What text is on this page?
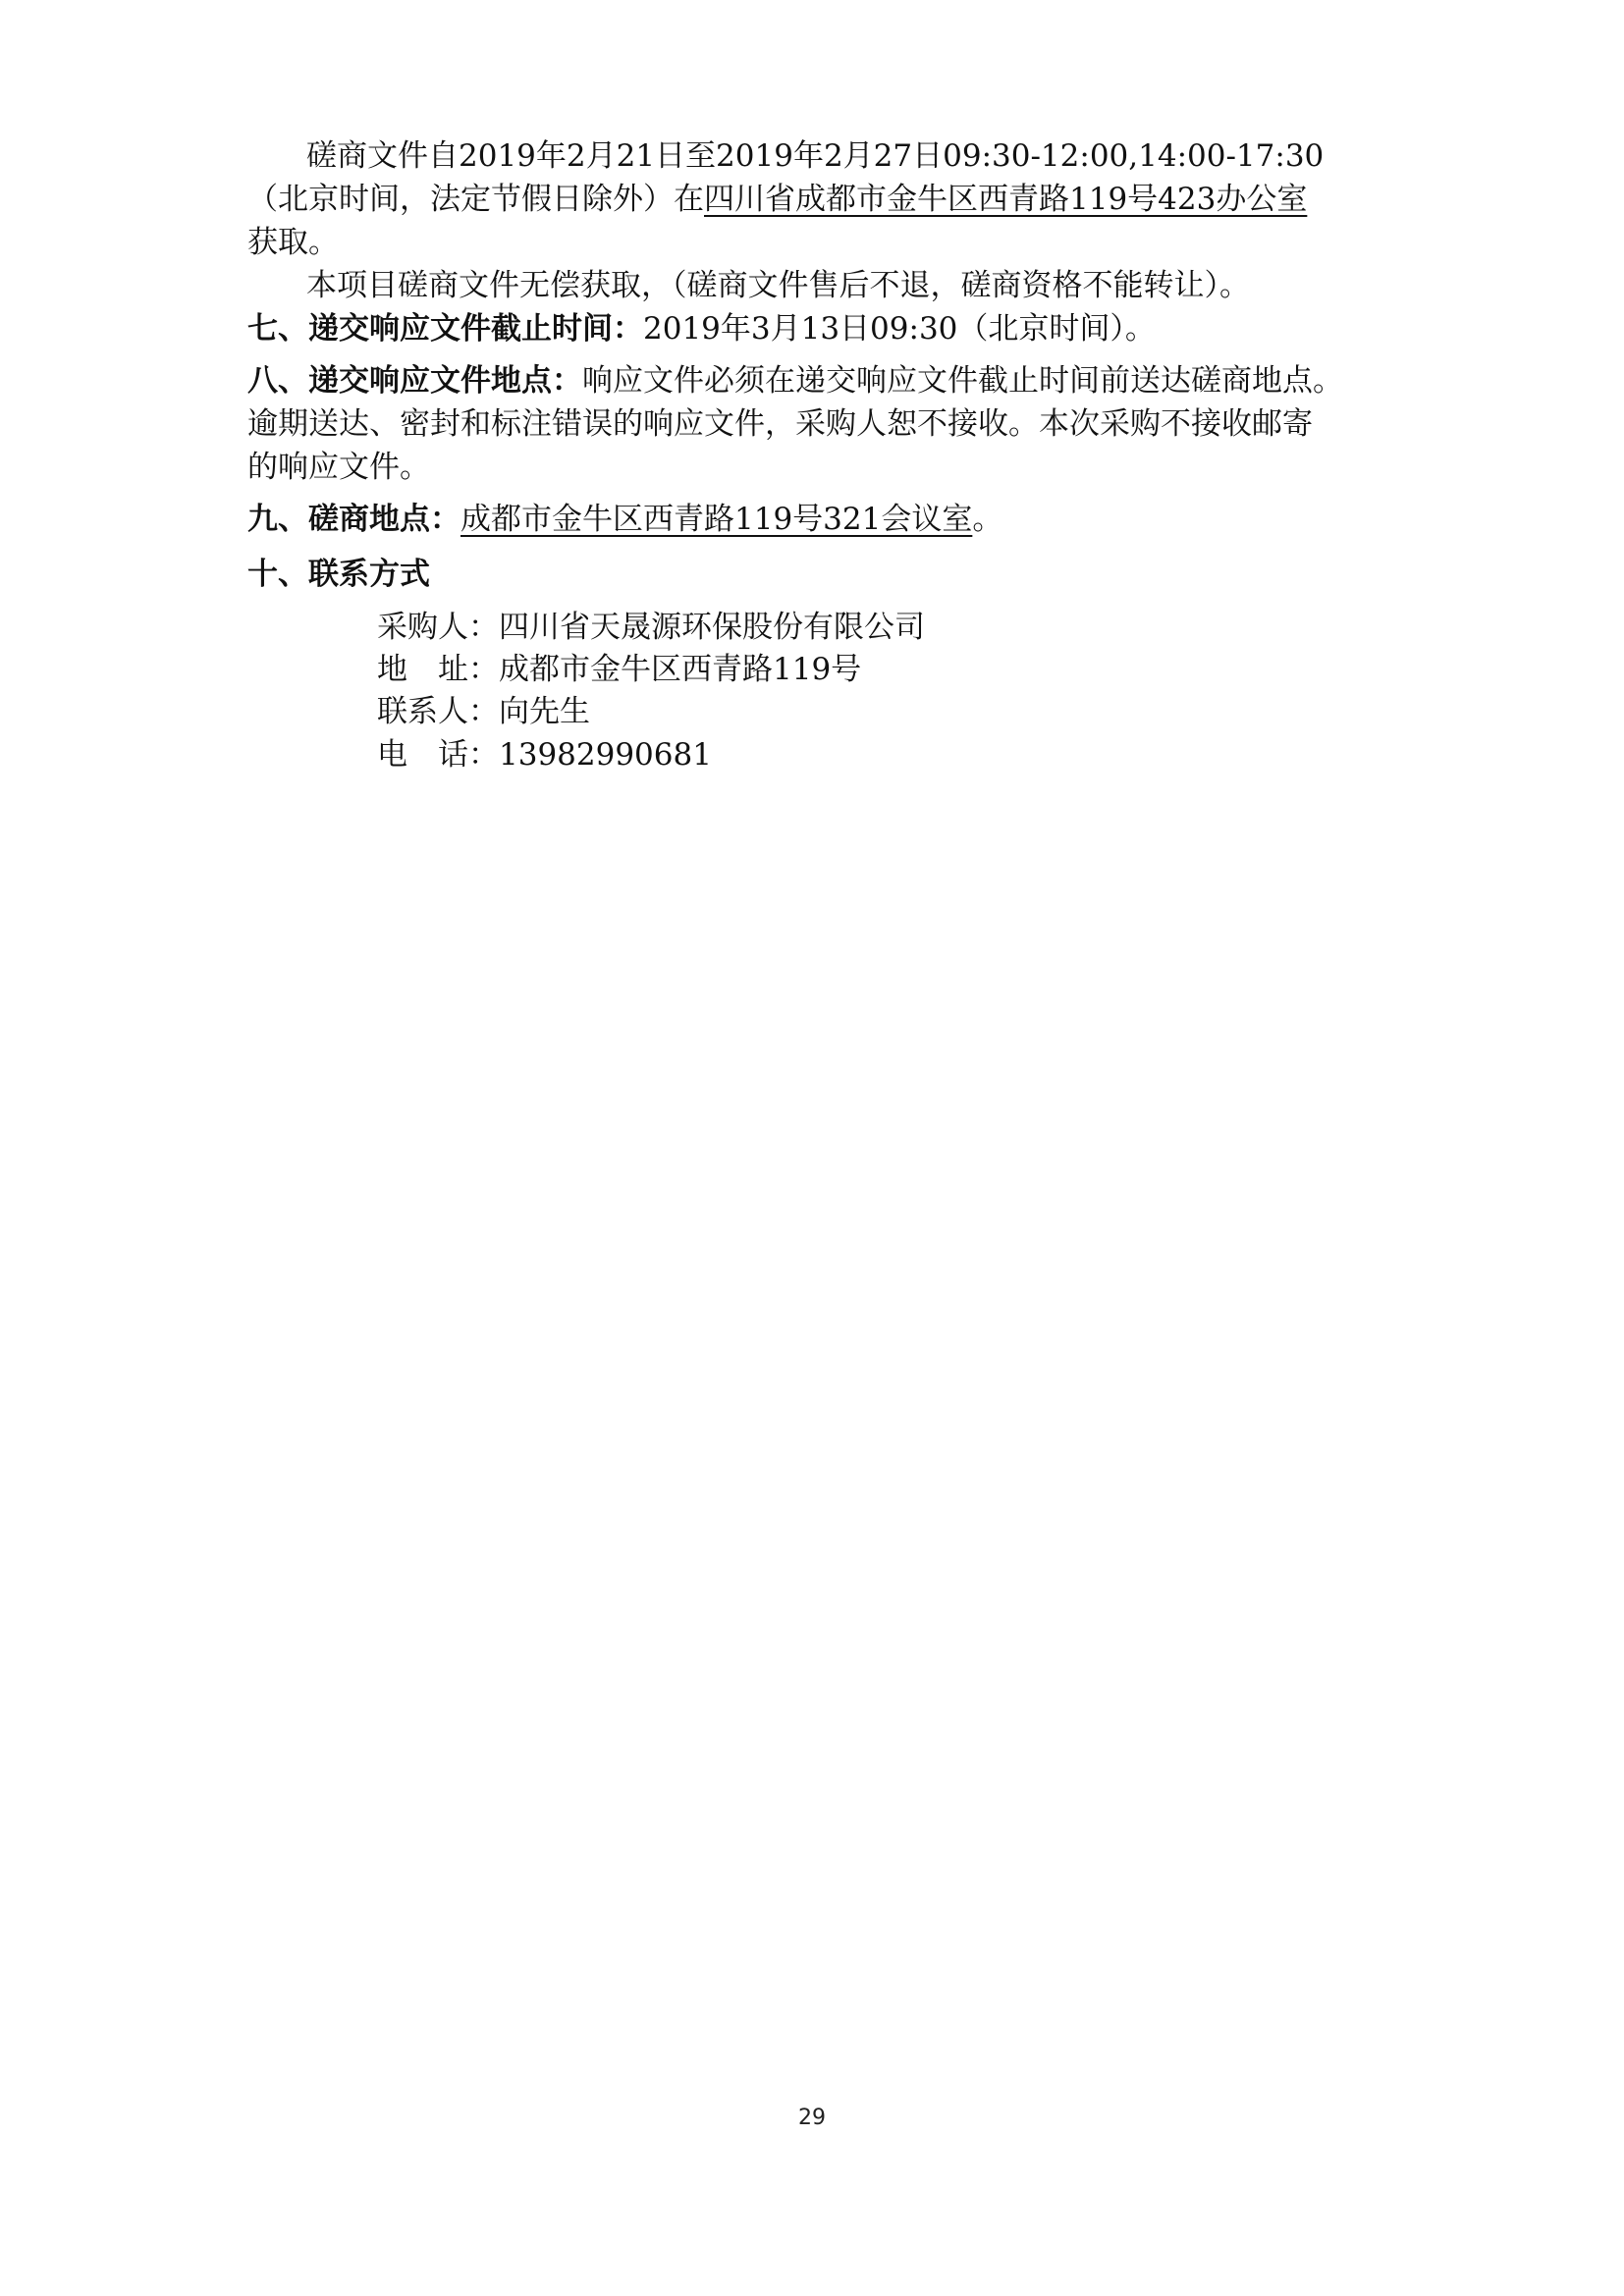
磋商文件自2019年2月21日至2019年2月27日09:30-12:00,14:00-17:30
（北京时间，法定节假日除外）在四川省成都市金牛区西青路119号423办公室
获取。
本项目磋商文件无偿获取，（磋商文件售后不退，磋商资格不能转让）。
七、递交响应文件截止时间：2019年3月13日09:30（北京时间）。
八、递交响应文件地点：响应文件必须在递交响应文件截止时间前送达磋商地点。
逾期送达、密封和标注错误的响应文件，采购人恕不接收。本次采购不接收邮寄
的响应文件。
九、磋商地点：成都市金牛区西青路119号321会议室。
十、联系方式
采购人：四川省天晟源环保股份有限公司
地　址：成都市金牛区西青路119号
联系人：向先生
电　话：13982990681
29
